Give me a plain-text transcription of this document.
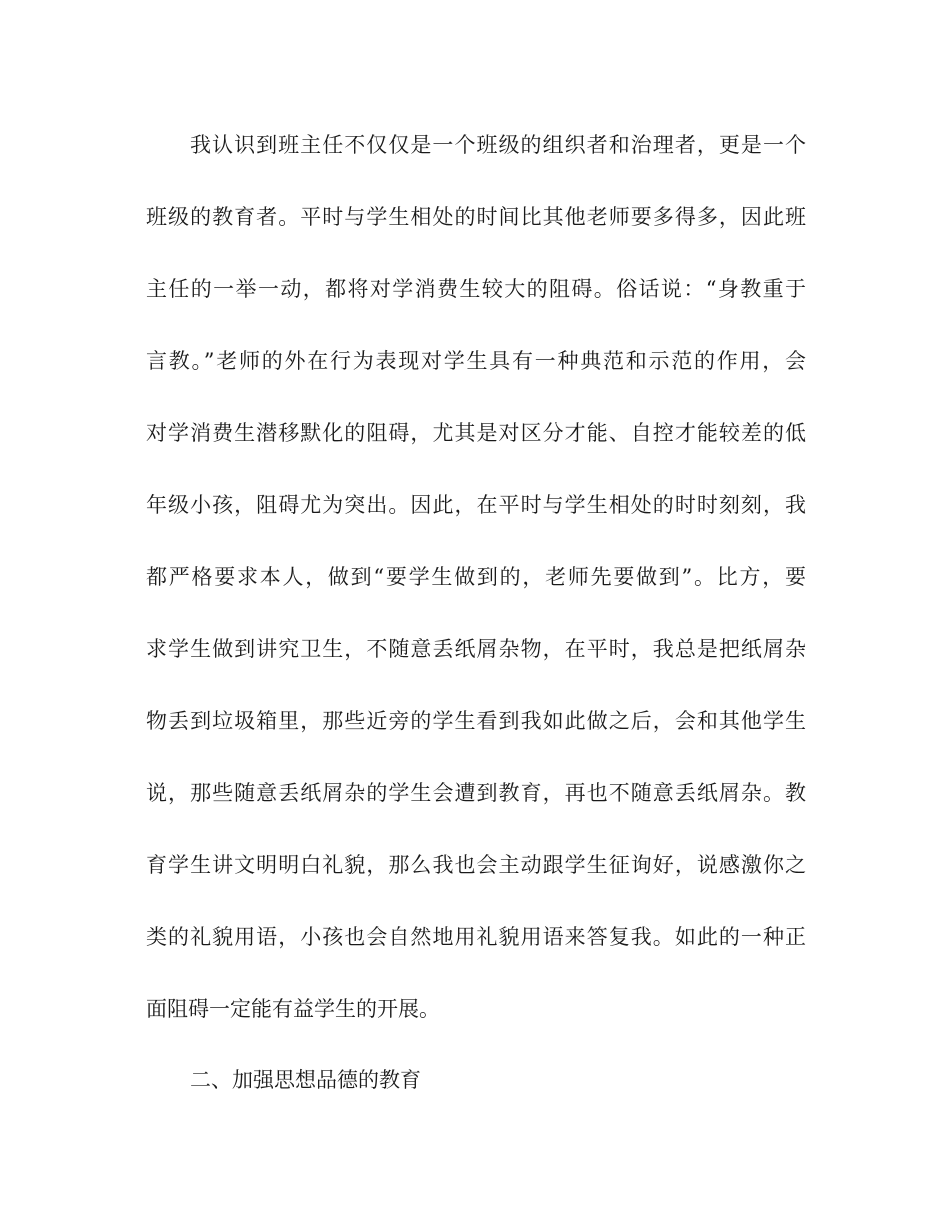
我认识到班主任不仅仅是一个班级的组织者和治理者，更是一个

班级的教育者。平时与学生相处的时间比其他老师要多得多，因此班

主任的一举一动，都将对学消费生较大的阻碍。俗话说：“身教重于

言教。”老师的外在行为表现对学生具有一种典范和示范的作用，会

对学消费生潜移默化的阻碍，尤其是对区分才能、自控才能较差的低

年级小孩，阻碍尤为突出。因此，在平时与学生相处的时时刻刻，我

都严格要求本人，做到“要学生做到的，老师先要做到”。比方，要

求学生做到讲究卫生，不随意丢纸屑杂物，在平时，我总是把纸屑杂

物丢到垃圾箱里，那些近旁的学生看到我如此做之后，会和其他学生

说，那些随意丢纸屑杂的学生会遭到教育，再也不随意丢纸屑杂。教

育学生讲文明明白礼貌，那么我也会主动跟学生征询好，说感激你之

类的礼貌用语，小孩也会自然地用礼貌用语来答复我。如此的一种正

面阻碍一定能有益学生的开展。

二、加强思想品德的教育
